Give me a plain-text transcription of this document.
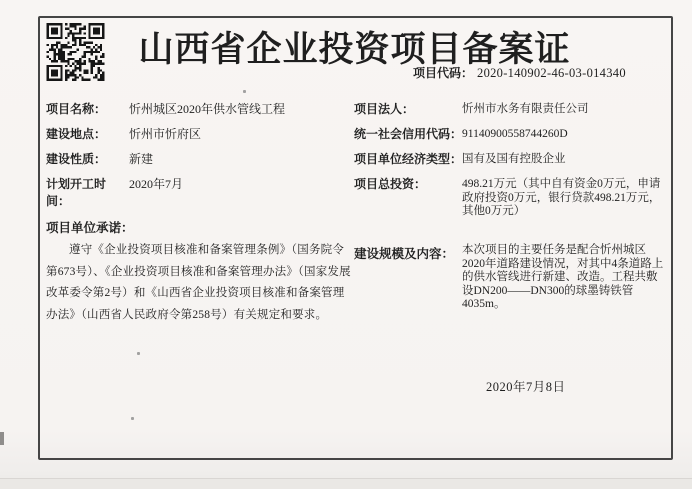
山西省企业投资项目备案证
项目代码： 2020-140902-46-03-014340
项目名称：	忻州城区2020年供水管线工程
建设地点：	忻州市忻府区
建设性质：	新建
计划开工时间：
2020年7月
项目法人：	忻州市水务有限责任公司
统一社会信用代码： 91140900558744260D
项目单位经济类型： 国有及国有控股企业
项目总投资：	498.21万元（其中自有资金0万元，申请政府投资0万元，银行贷款498.21万元，其他0万元）
项目单位承诺：
遵守《企业投资项目核准和备案管理条例》（国务院令第673号）、《企业投资项目核准和备案管理办法》（国家发展改革委令第2号）和《山西省企业投资项目核准和备案管理办法》（山西省人民政府令第258号）有关规定和要求。
建设规模及内容： 本次项目的主要任务是配合忻州城区2020年道路建设情况，对其中4条道路上的供水管线进行新建、改造。工程共敷设DN200——DN300的球墨铸铁管4035m。
2020年7月8日
